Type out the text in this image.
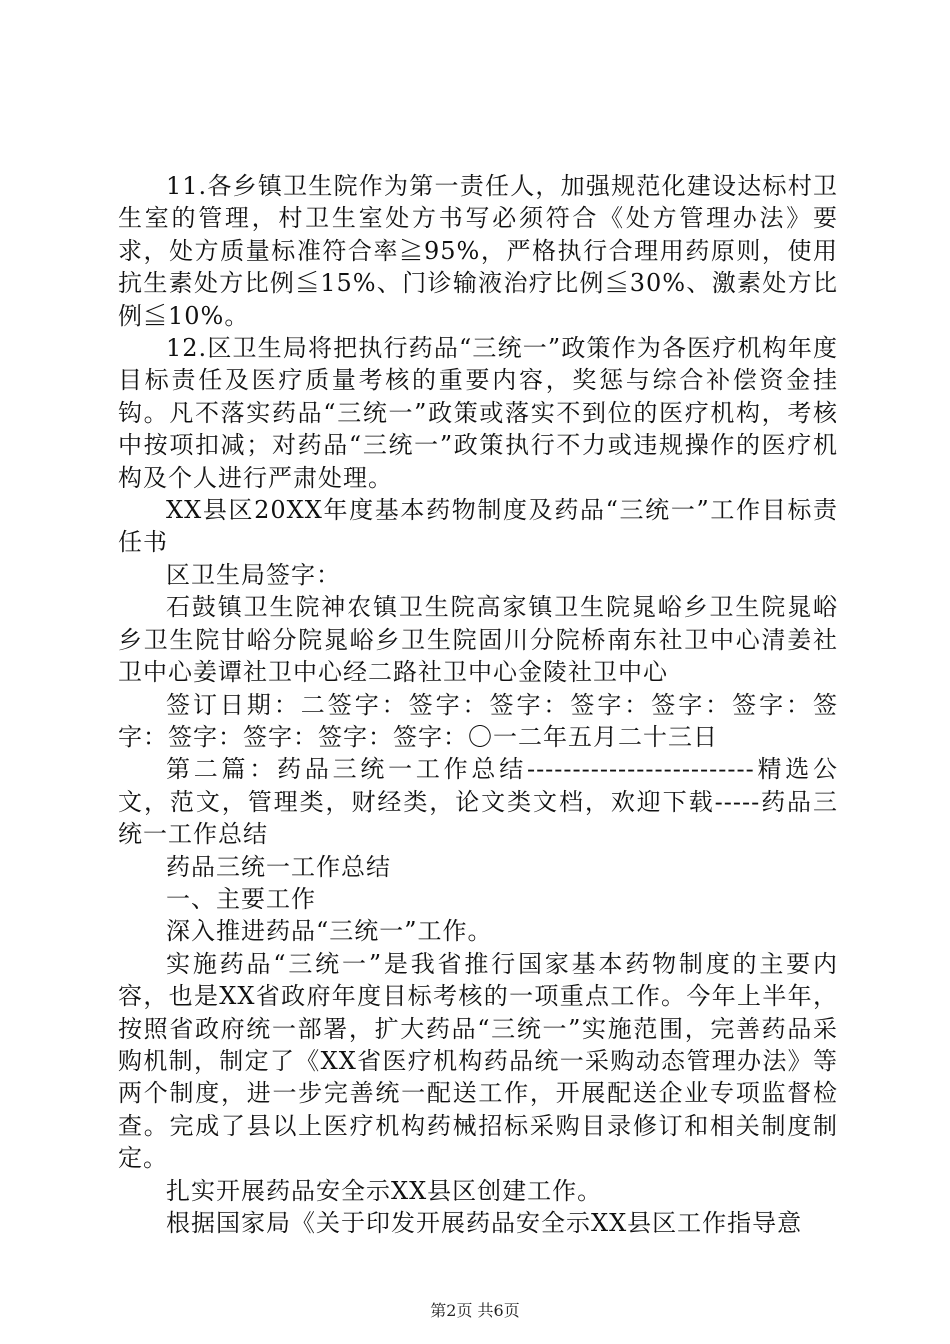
11.各乡镇卫生院作为第一责任人，加强规范化建设达标村卫生室的管理，村卫生室处方书写必须符合《处方管理办法》要求，处方质量标准符合率≧95%，严格执行合理用药原则，使用抗生素处方比例≦15%、门诊输液治疗比例≦30%、激素处方比例≦10%。

12.区卫生局将把执行药品“三统一”政策作为各医疗机构年度目标责任及医疗质量考核的重要内容，奖惩与综合补偿资金挂钩。凡不落实药品“三统一”政策或落实不到位的医疗机构，考核中按项扣减；对药品“三统一”政策执行不力或违规操作的医疗机构及个人进行严肃处理。

XX县区20XX年度基本药物制度及药品“三统一”工作目标责任书

区卫生局签字：

石鼓镇卫生院神农镇卫生院高家镇卫生院晁峪乡卫生院晁峪乡卫生院甘峪分院晁峪乡卫生院固川分院桥南东社卫中心清姜社卫中心姜谭社卫中心经二路社卫中心金陵社卫中心

签订日期：二签字：签字：签字：签字：签字：签字：签字：签字：签字：签字：签字：〇一二年五月二十三日

第二篇：药品三统一工作总结-------------------------精选公文，范文，管理类，财经类，论文类文档，欢迎下载-----药品三统一工作总结

药品三统一工作总结

一、主要工作

深入推进药品“三统一”工作。

实施药品“三统一”是我省推行国家基本药物制度的主要内容，也是XX省政府年度目标考核的一项重点工作。今年上半年，按照省政府统一部署，扩大药品“三统一”实施范围，完善药品采购机制，制定了《XX省医疗机构药品统一采购动态管理办法》等两个制度，进一步完善统一配送工作，开展配送企业专项监督检查。完成了县以上医疗机构药械招标采购目录修订和相关制度制定。

扎实开展药品安全示XX县区创建工作。

根据国家局《关于印发开展药品安全示XX县区工作指导意

第2页 共6页
